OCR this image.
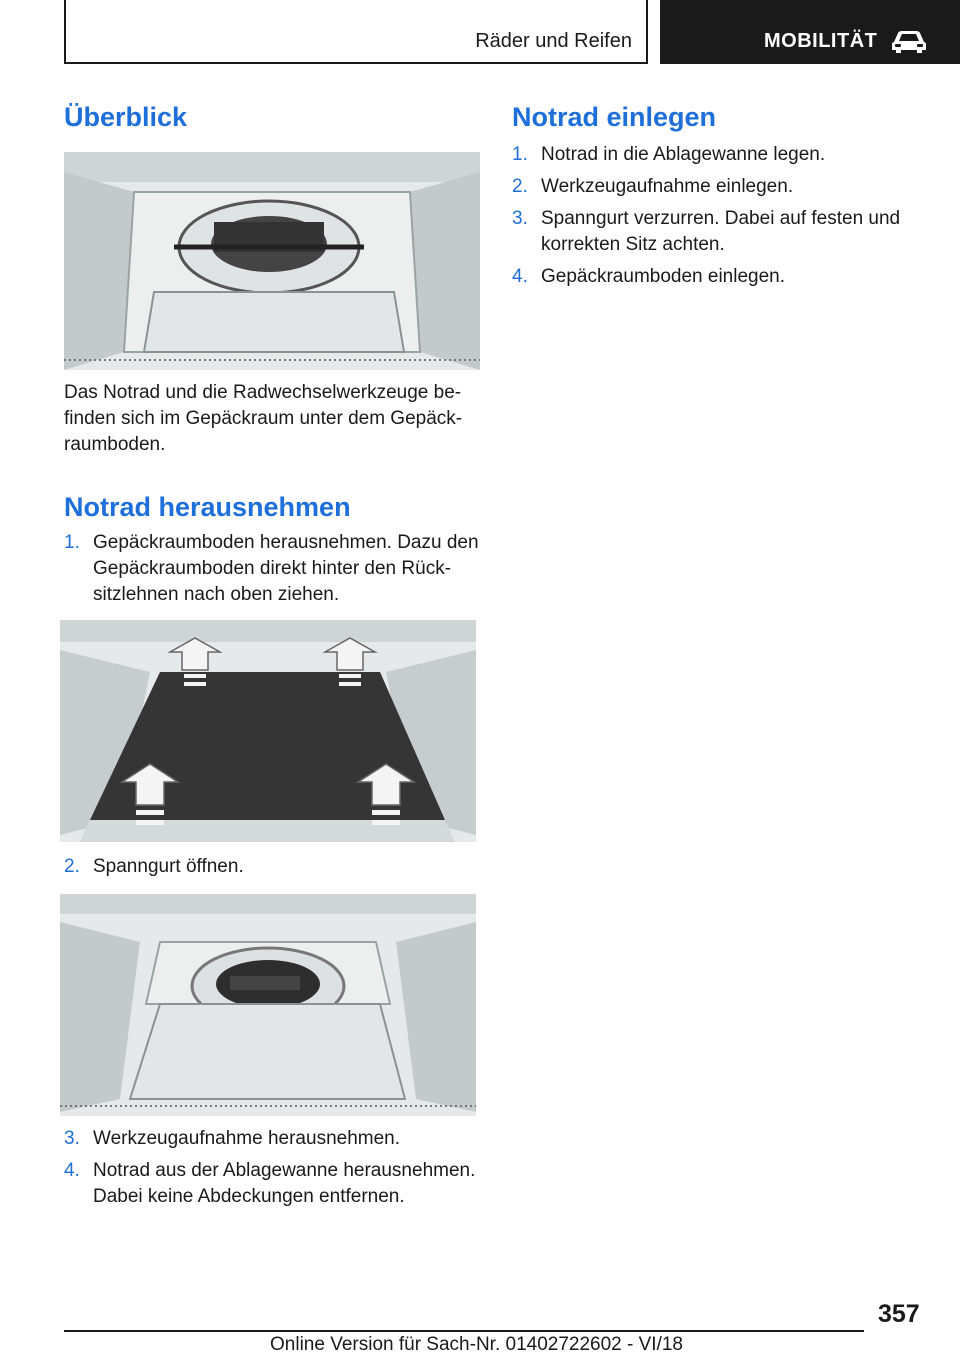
Räder und Reifen	MOBILITÄT
Überblick
Das Notrad und die Radwechselwerkzeuge be‐
finden sich im Gepäckraum unter dem Gepäck‐
raumboden.
Notrad herausnehmen
1. Gepäckraumboden herausnehmen. Dazu den
Gepäckraumboden direkt hinter den Rück‐
sitzlehnen nach oben ziehen.
2. Spanngurt öffnen.
3. Werkzeugaufnahme herausnehmen.
4. Notrad aus der Ablagewanne herausnehmen.
Dabei keine Abdeckungen entfernen.
Notrad einlegen
1. Notrad in die Ablagewanne legen.
2. Werkzeugaufnahme einlegen.
3. Spanngurt verzurren. Dabei auf festen und
korrekten Sitz achten.
4. Gepäckraumboden einlegen.
357
Online Version für Sach-Nr. 01402722602 - VI/18
